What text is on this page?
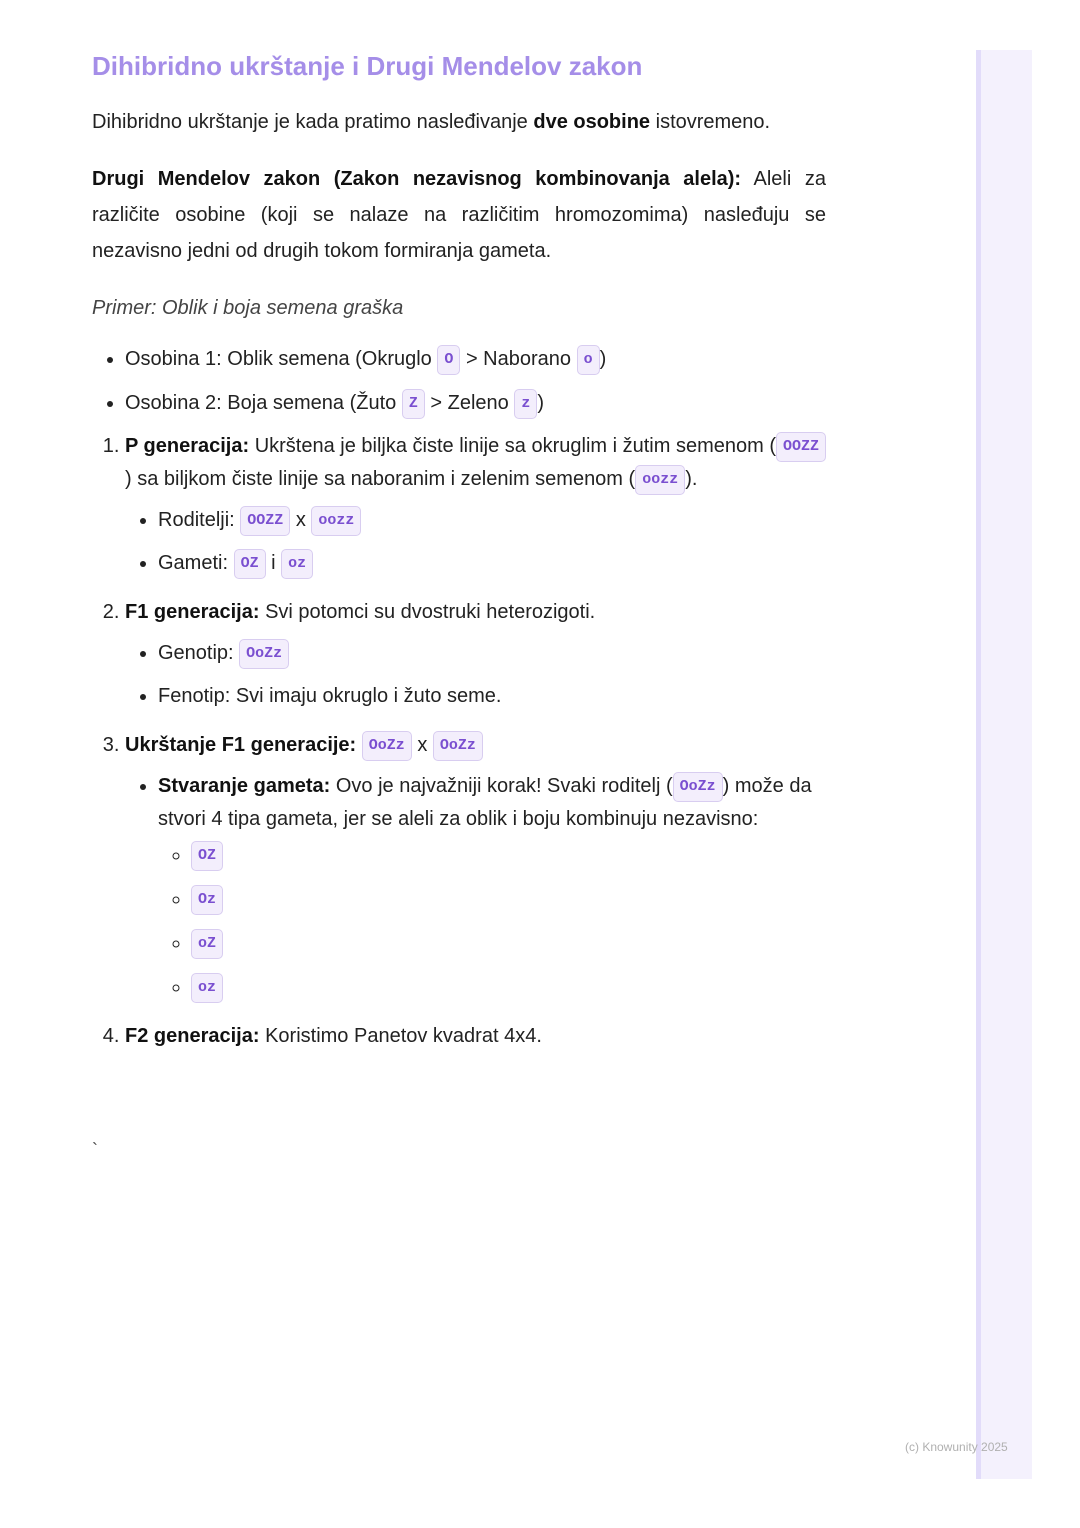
Dihibridno ukrštanje i Drugi Mendelov zakon

Dihibridno ukrštanje je kada pratimo nasleđivanje dve osobine istovremeno.

Drugi Mendelov zakon (Zakon nezavisnog kombinovanja alela): Aleli za različite osobine (koji se nalaze na različitim hromozomima) nasleđuju se nezavisno jedni od drugih tokom formiranja gameta.

Primer: Oblik i boja semena graška

• Osobina 1: Oblik semena (Okruglo O > Naborano o )
• Osobina 2: Boja semena (Žuto Z > Zeleno z )
1. P generacija: Ukrštena je biljka čiste linije sa okruglim i žutim semenom ( OOZZ) sa biljkom čiste linije sa naboranim i zelenim semenom ( oozz ).
• Roditelji: OOZZ x oozz
• Gameti: OZ i oz
2. F1 generacija: Svi potomci su dvostruki heterozigoti.
• Genotip: OoZz
• Fenotip: Svi imaju okruglo i žuto seme.
3. Ukrštanje F1 generacije: OoZz x OoZz
• Stvaranje gameta: Ovo je najvažniji korak! Svaki roditelj ( OoZz ) može da stvori 4 tipa gameta, jer se aleli za oblik i boju kombinuju nezavisno:
◦ OZ
◦ Oz
◦ oZ
◦ oz
4. F2 generacija: Koristimo Panetov kvadrat 4x4.
`
(c) Knowunity 2025
